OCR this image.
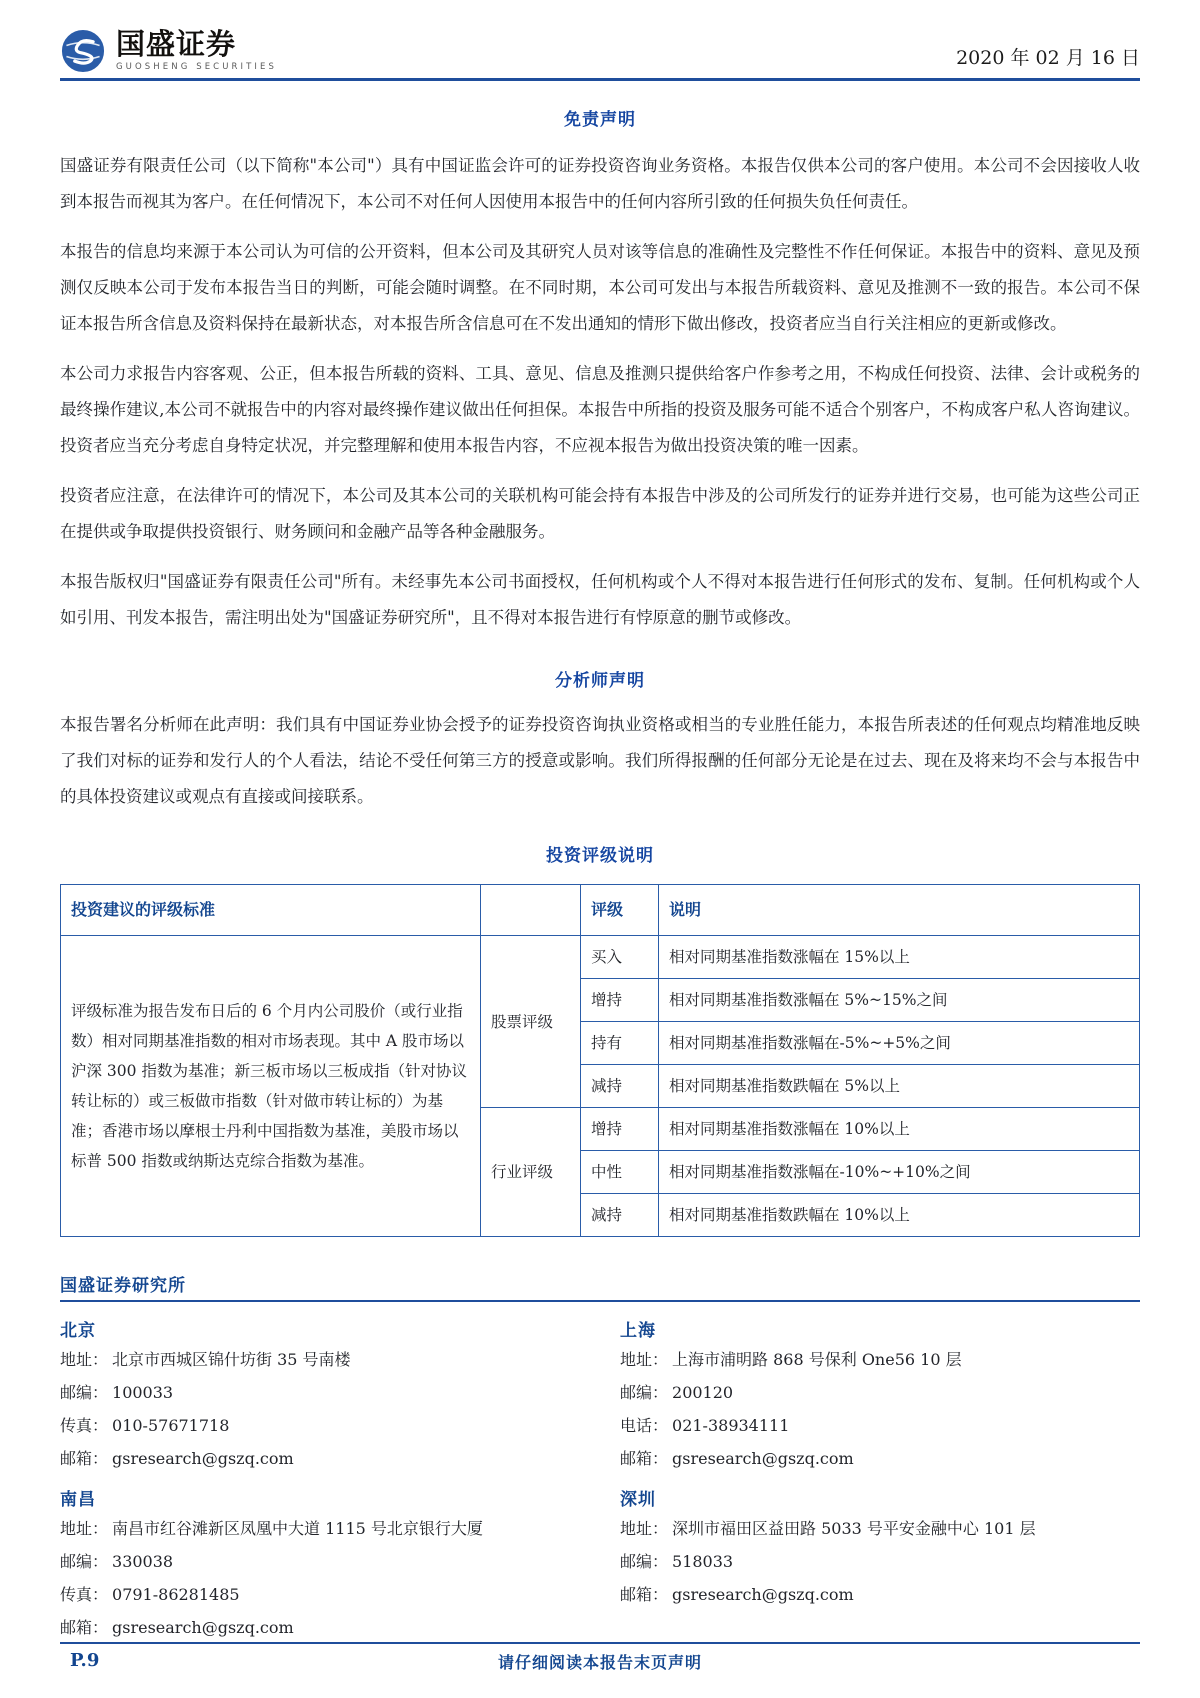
国盛证券
GUOSHENG SECURITIES	2020 年 02 月 16 日
免责声明

国盛证券有限责任公司（以下简称"本公司"）具有中国证监会许可的证券投资咨询业务资格。本报告仅供本公司的客户使用。本公司不会因接收人收到本报告而视其为客户。在任何情况下，本公司不对任何人因使用本报告中的任何内容所引致的任何损失负任何责任。

本报告的信息均来源于本公司认为可信的公开资料，但本公司及其研究人员对该等信息的准确性及完整性不作任何保证。本报告中的资料、意见及预测仅反映本公司于发布本报告当日的判断，可能会随时调整。在不同时期，本公司可发出与本报告所载资料、意见及推测不一致的报告。本公司不保证本报告所含信息及资料保持在最新状态，对本报告所含信息可在不发出通知的情形下做出修改，投资者应当自行关注相应的更新或修改。

本公司力求报告内容客观、公正，但本报告所载的资料、工具、意见、信息及推测只提供给客户作参考之用，不构成任何投资、法律、会计或税务的最终操作建议,本公司不就报告中的内容对最终操作建议做出任何担保。本报告中所指的投资及服务可能不适合个别客户，不构成客户私人咨询建议。投资者应当充分考虑自身特定状况，并完整理解和使用本报告内容，不应视本报告为做出投资决策的唯一因素。

投资者应注意，在法律许可的情况下，本公司及其本公司的关联机构可能会持有本报告中涉及的公司所发行的证券并进行交易，也可能为这些公司正在提供或争取提供投资银行、财务顾问和金融产品等各种金融服务。

本报告版权归"国盛证券有限责任公司"所有。未经事先本公司书面授权，任何机构或个人不得对本报告进行任何形式的发布、复制。任何机构或个人如引用、刊发本报告，需注明出处为"国盛证券研究所"，且不得对本报告进行有悖原意的删节或修改。

分析师声明

本报告署名分析师在此声明：我们具有中国证券业协会授予的证券投资咨询执业资格或相当的专业胜任能力，本报告所表述的任何观点均精准地反映了我们对标的证券和发行人的个人看法，结论不受任何第三方的授意或影响。我们所得报酬的任何部分无论是在过去、现在及将来均不会与本报告中的具体投资建议或观点有直接或间接联系。

投资评级说明
投资建议的评级标准		评级	说明
评级标准为报告发布日后的 6 个月内公司股价（或行业指数）相对同期基准指数的相对市场表现。其中 A 股市场以沪深 300 指数为基准；新三板市场以三板成指（针对协议转让标的）或三板做市指数（针对做市转让标的）为基准；香港市场以摩根士丹利中国指数为基准，美股市场以标普 500 指数或纳斯达克综合指数为基准。	股票评级	买入	相对同期基准指数涨幅在 15%以上
		增持	相对同期基准指数涨幅在 5%~15%之间
		持有	相对同期基准指数涨幅在-5%~+5%之间
		减持	相对同期基准指数跌幅在 5%以上
	行业评级	增持	相对同期基准指数涨幅在 10%以上
		中性	相对同期基准指数涨幅在-10%~+10%之间
		减持	相对同期基准指数跌幅在 10%以上
国盛证券研究所
北京
地址： 北京市西城区锦什坊街 35 号南楼
邮编： 100033
传真： 010-57671718
邮箱： gsresearch@gszq.com
上海
地址： 上海市浦明路 868 号保利 One56 10 层
邮编： 200120
电话： 021-38934111
邮箱： gsresearch@gszq.com
南昌
地址： 南昌市红谷滩新区凤凰中大道 1115 号北京银行大厦
邮编： 330038
传真： 0791-86281485
邮箱： gsresearch@gszq.com
深圳
地址： 深圳市福田区益田路 5033 号平安金融中心 101 层
邮编： 518033
邮箱： gsresearch@gszq.com
P.9	请仔细阅读本报告末页声明
